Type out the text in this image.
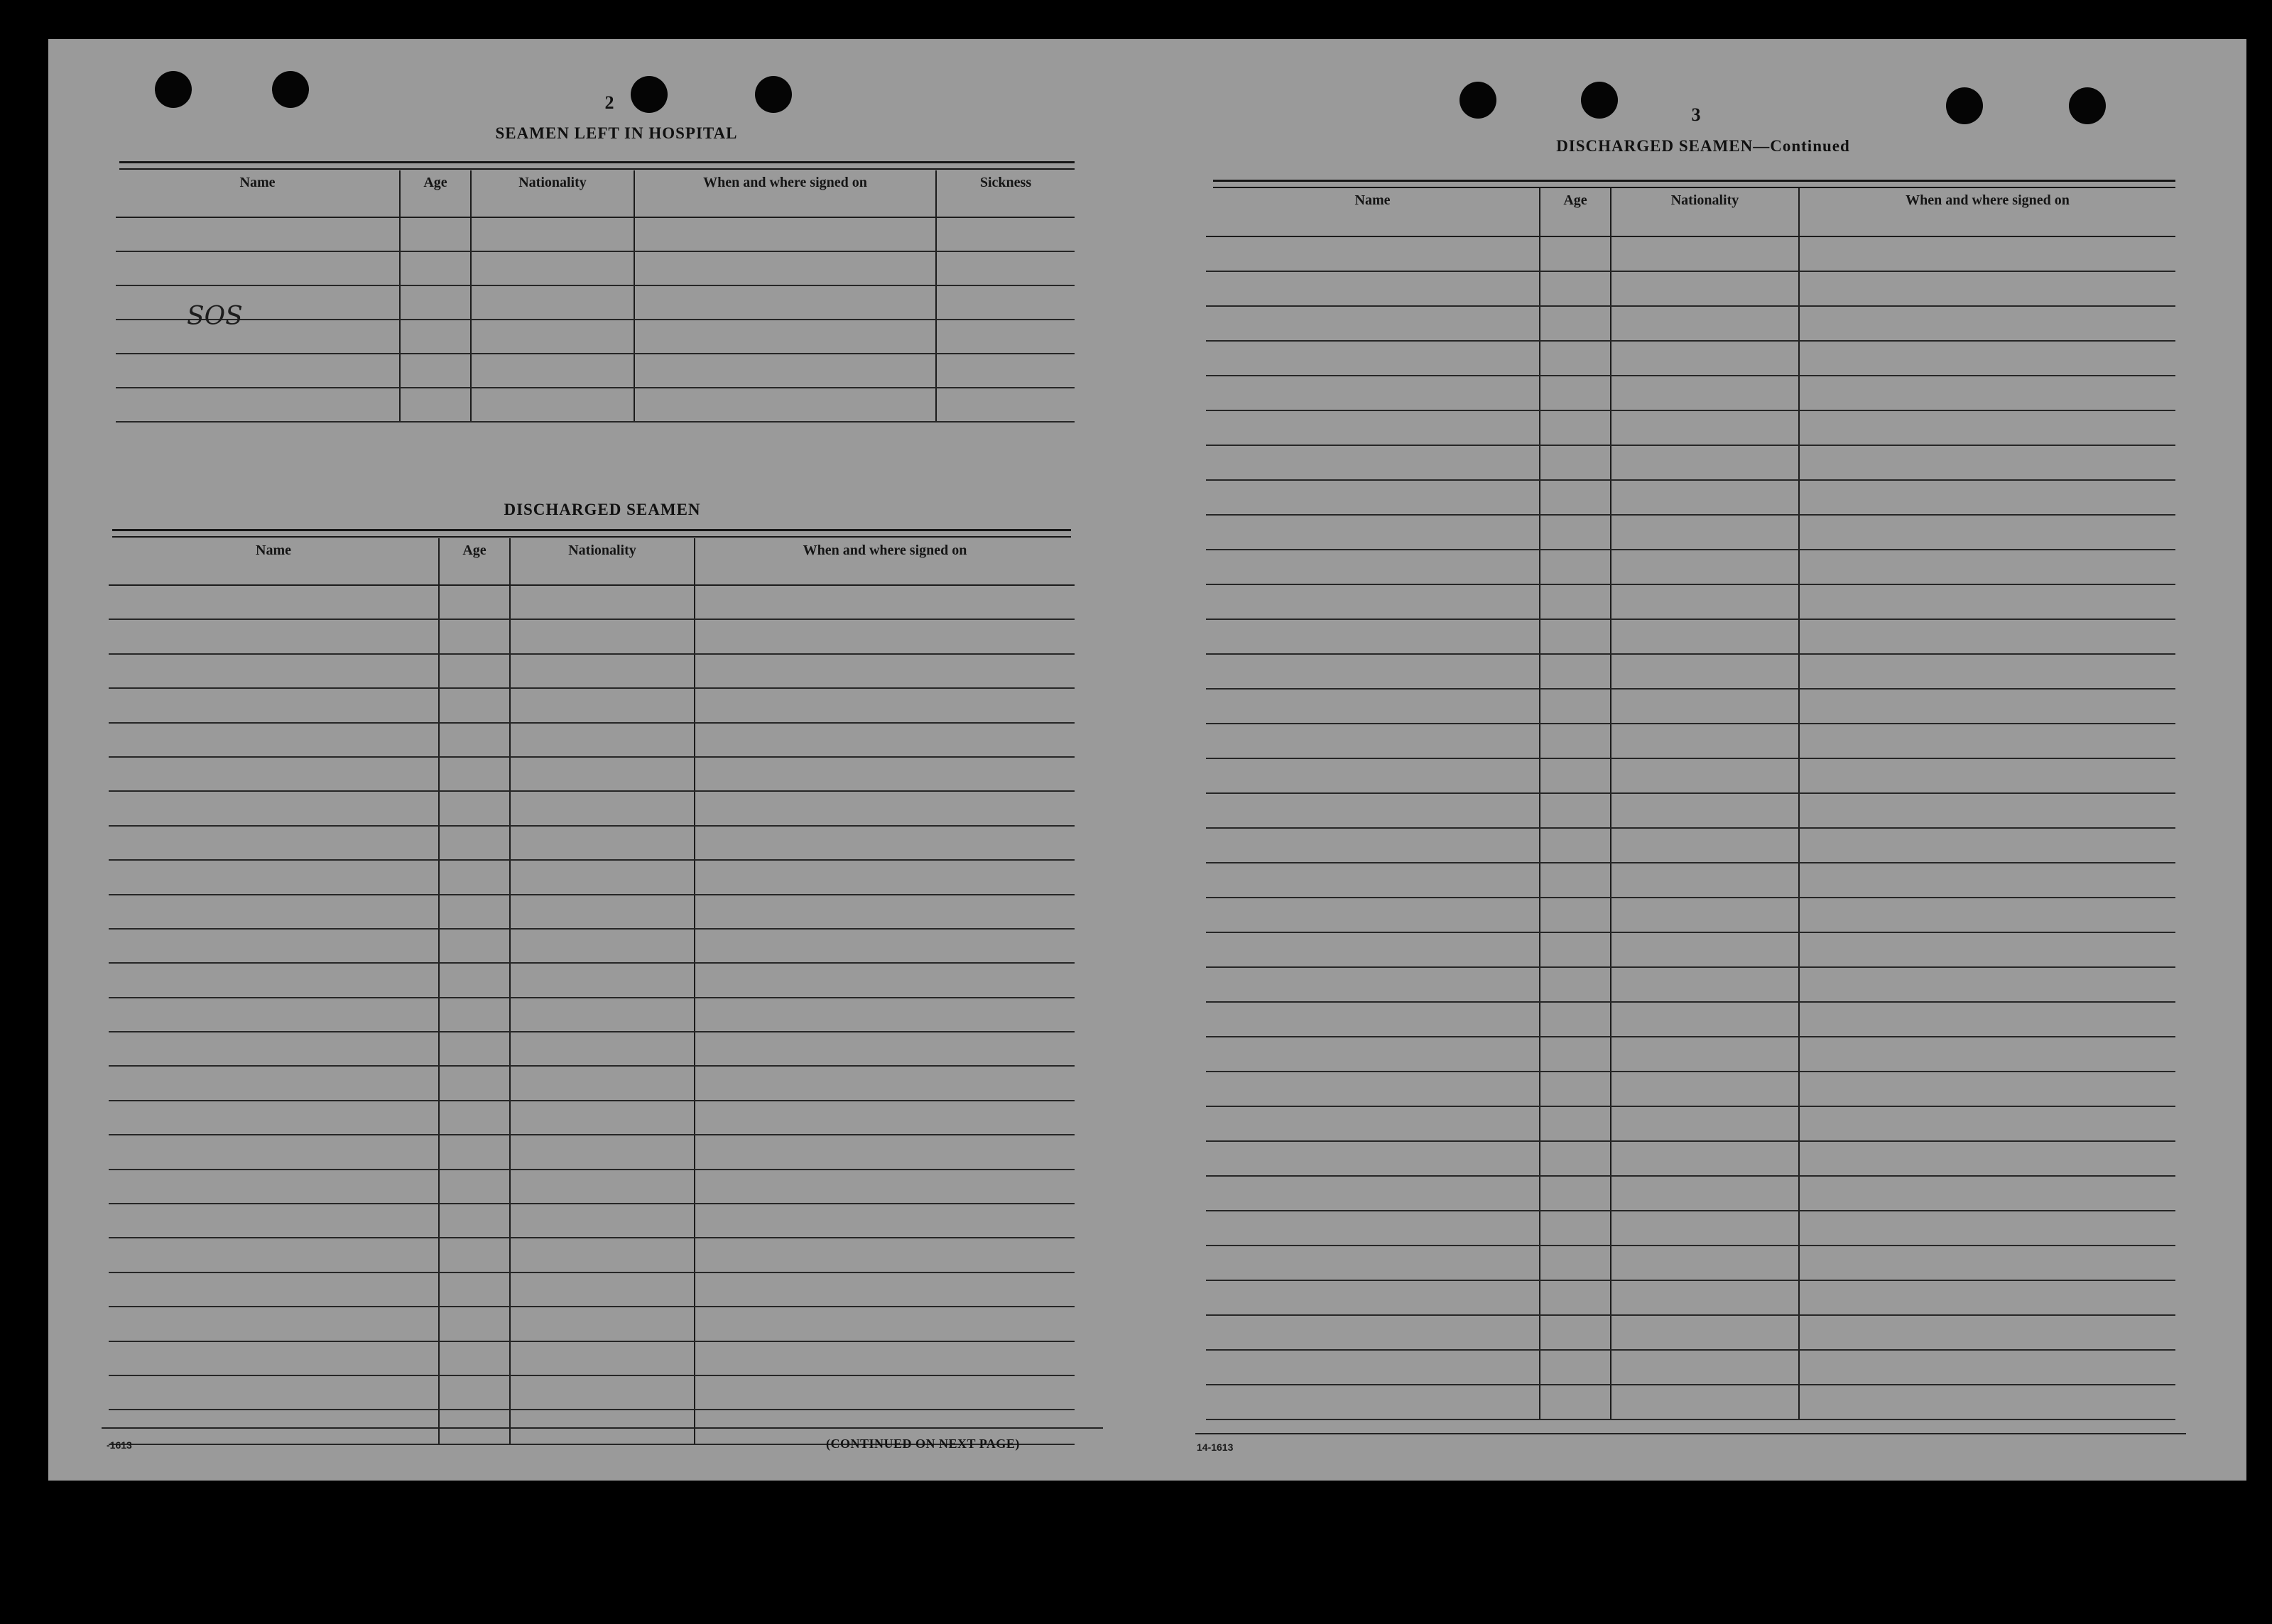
2
SEAMEN LEFT IN HOSPITAL
Name	Age	Nationality	When and where signed on	Sickness

SOS
DISCHARGED SEAMEN
Name	Age	Nationality	When and where signed on

-1613	(CONTINUED ON NEXT PAGE)
3
DISCHARGED SEAMEN—Continued
Name	Age	Nationality	When and where signed on

14-1613
